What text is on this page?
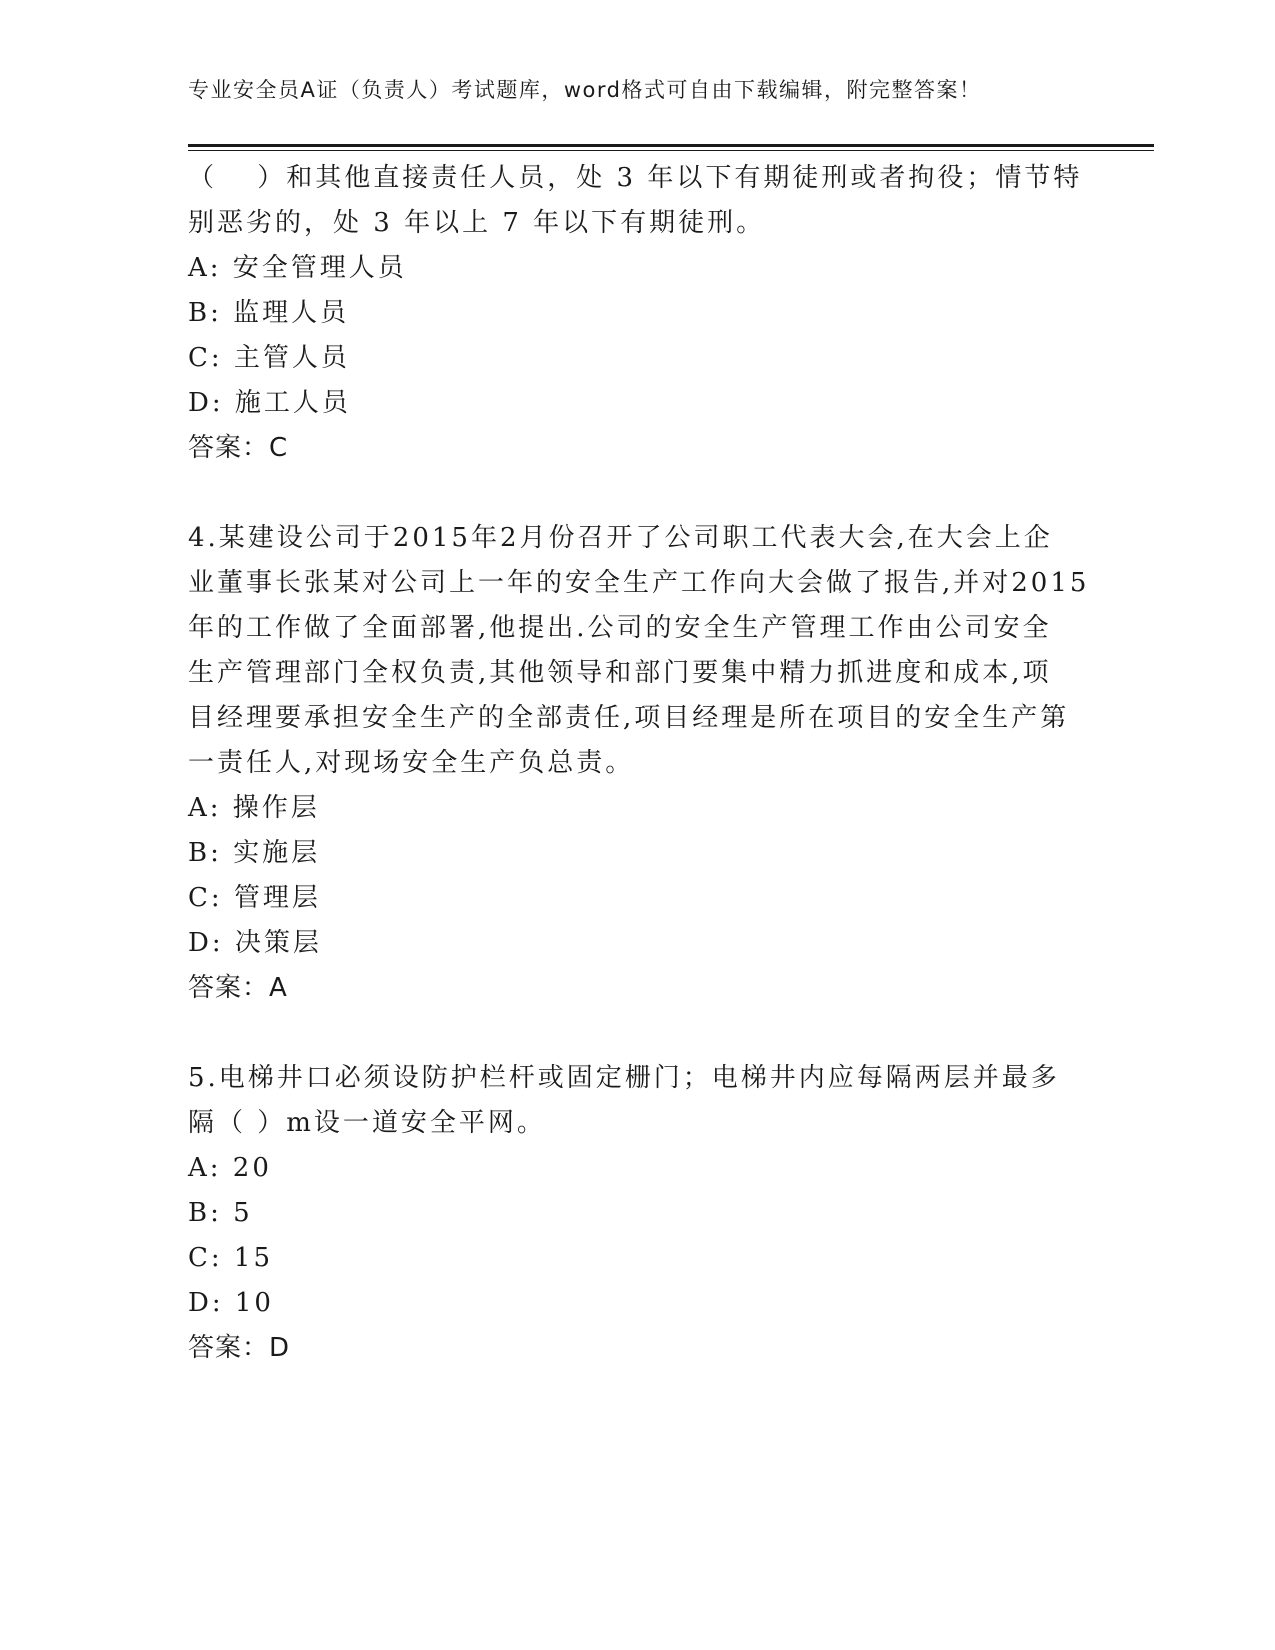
专业安全员A证（负责人）考试题库，word格式可自由下载编辑，附完整答案！
（　 ）和其他直接责任人员，处 3 年以下有期徒刑或者拘役；情节特
别恶劣的，处 3 年以上 7 年以下有期徒刑。
A: 安全管理人员
B: 监理人员
C: 主管人员
D: 施工人员
答案：C
4.某建设公司于2015年2月份召开了公司职工代表大会,在大会上企
业董事长张某对公司上一年的安全生产工作向大会做了报告,并对2015
年的工作做了全面部署,他提出.公司的安全生产管理工作由公司安全
生产管理部门全权负责,其他领导和部门要集中精力抓进度和成本,项
目经理要承担安全生产的全部责任,项目经理是所在项目的安全生产第
一责任人,对现场安全生产负总责。
A: 操作层
B: 实施层
C: 管理层
D: 决策层
答案：A
5.电梯井口必须设防护栏杆或固定栅门；电梯井内应每隔两层并最多
隔（ ）m设一道安全平网。
A: 20
B: 5
C: 15
D: 10
答案：D
